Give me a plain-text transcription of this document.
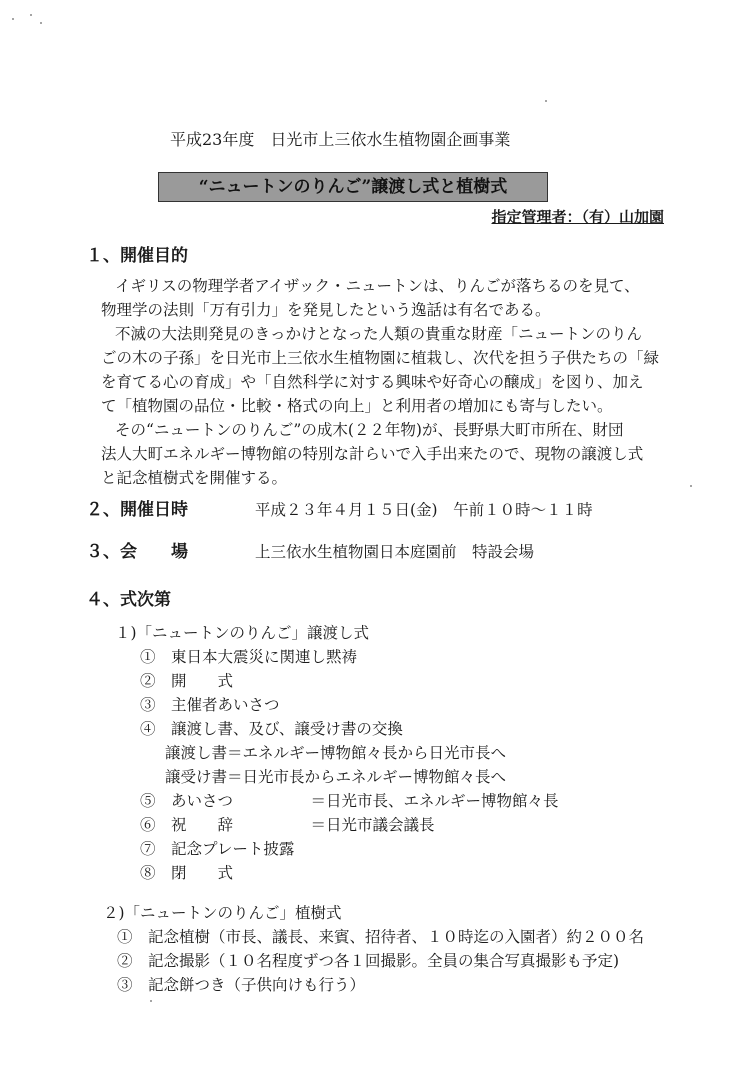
平成23年度　日光市上三依水生植物園企画事業
“ニュートンのりんご”譲渡し式と植樹式
指定管理者：（有）山加園
１、開催目的
イギリスの物理学者アイザック・ニュートンは、りんごが落ちるのを見て、
物理学の法則「万有引力」を発見したという逸話は有名である。
不滅の大法則発見のきっかけとなった人類の貴重な財産「ニュートンのりん
ごの木の子孫」を日光市上三依水生植物園に植栽し、次代を担う子供たちの「緑
を育てる心の育成」や「自然科学に対する興味や好奇心の醸成」を図り、加え
て「植物園の品位・比較・格式の向上」と利用者の増加にも寄与したい。
その“ニュートンのりんご”の成木(２２年物)が、長野県大町市所在、財団
法人大町エネルギー博物館の特別な計らいで入手出来たので、現物の譲渡し式
と記念植樹式を開催する。
２、開催日時	平成２３年４月１５日(金)　午前１０時～１１時
３、会　　場	上三依水生植物園日本庭園前　特設会場
４、式次第
１)「ニュートンのりんご」譲渡し式
①　東日本大震災に関連し黙祷
②　開　　式
③　主催者あいさつ
④　譲渡し書、及び、譲受け書の交換
譲渡し書＝エネルギー博物館々長から日光市長へ
譲受け書＝日光市長からエネルギー博物館々長へ
⑤　あいさつ　　　　　＝日光市長、エネルギー博物館々長
⑥　祝　　辞　　　　　＝日光市議会議長
⑦　記念プレート披露
⑧　閉　　式
２)「ニュートンのりんご」植樹式
①　記念植樹（市長、議長、来賓、招待者、１０時迄の入園者）約２００名
②　記念撮影（１０名程度ずつ各１回撮影。全員の集合写真撮影も予定)
③　記念餅つき（子供向けも行う）
